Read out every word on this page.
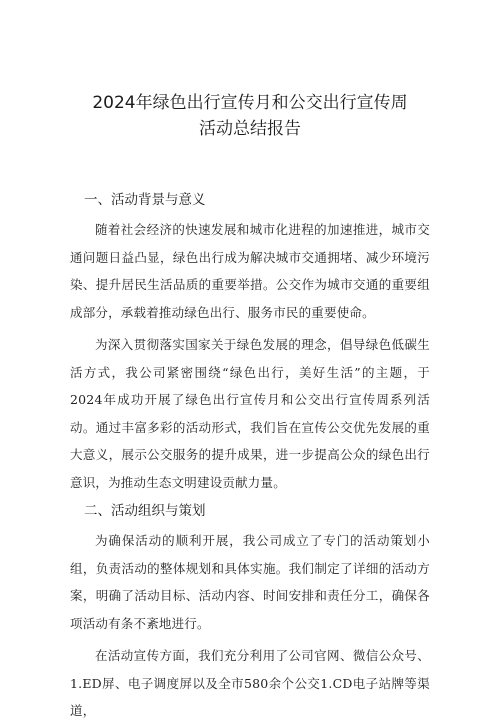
2024年绿色出行宣传月和公交出行宣传周
活动总结报告
一、活动背景与意义

随着社会经济的快速发展和城市化进程的加速推进，城市交通问题日益凸显，绿色出行成为解决城市交通拥堵、减少环境污染、提升居民生活品质的重要举措。公交作为城市交通的重要组成部分，承载着推动绿色出行、服务市民的重要使命。

为深入贯彻落实国家关于绿色发展的理念，倡导绿色低碳生活方式，我公司紧密围绕“绿色出行，美好生活”的主题，于2024年成功开展了绿色出行宣传月和公交出行宣传周系列活动。通过丰富多彩的活动形式，我们旨在宣传公交优先发展的重大意义，展示公交服务的提升成果，进一步提高公众的绿色出行意识，为推动生态文明建设贡献力量。

二、活动组织与策划

为确保活动的顺利开展，我公司成立了专门的活动策划小组，负责活动的整体规划和具体实施。我们制定了详细的活动方案，明确了活动目标、活动内容、时间安排和责任分工，确保各项活动有条不紊地进行。

在活动宣传方面，我们充分利用了公司官网、微信公众号、1.ED屏、电子调度屏以及全市580余个公交1.CD电子站牌等渠道，
